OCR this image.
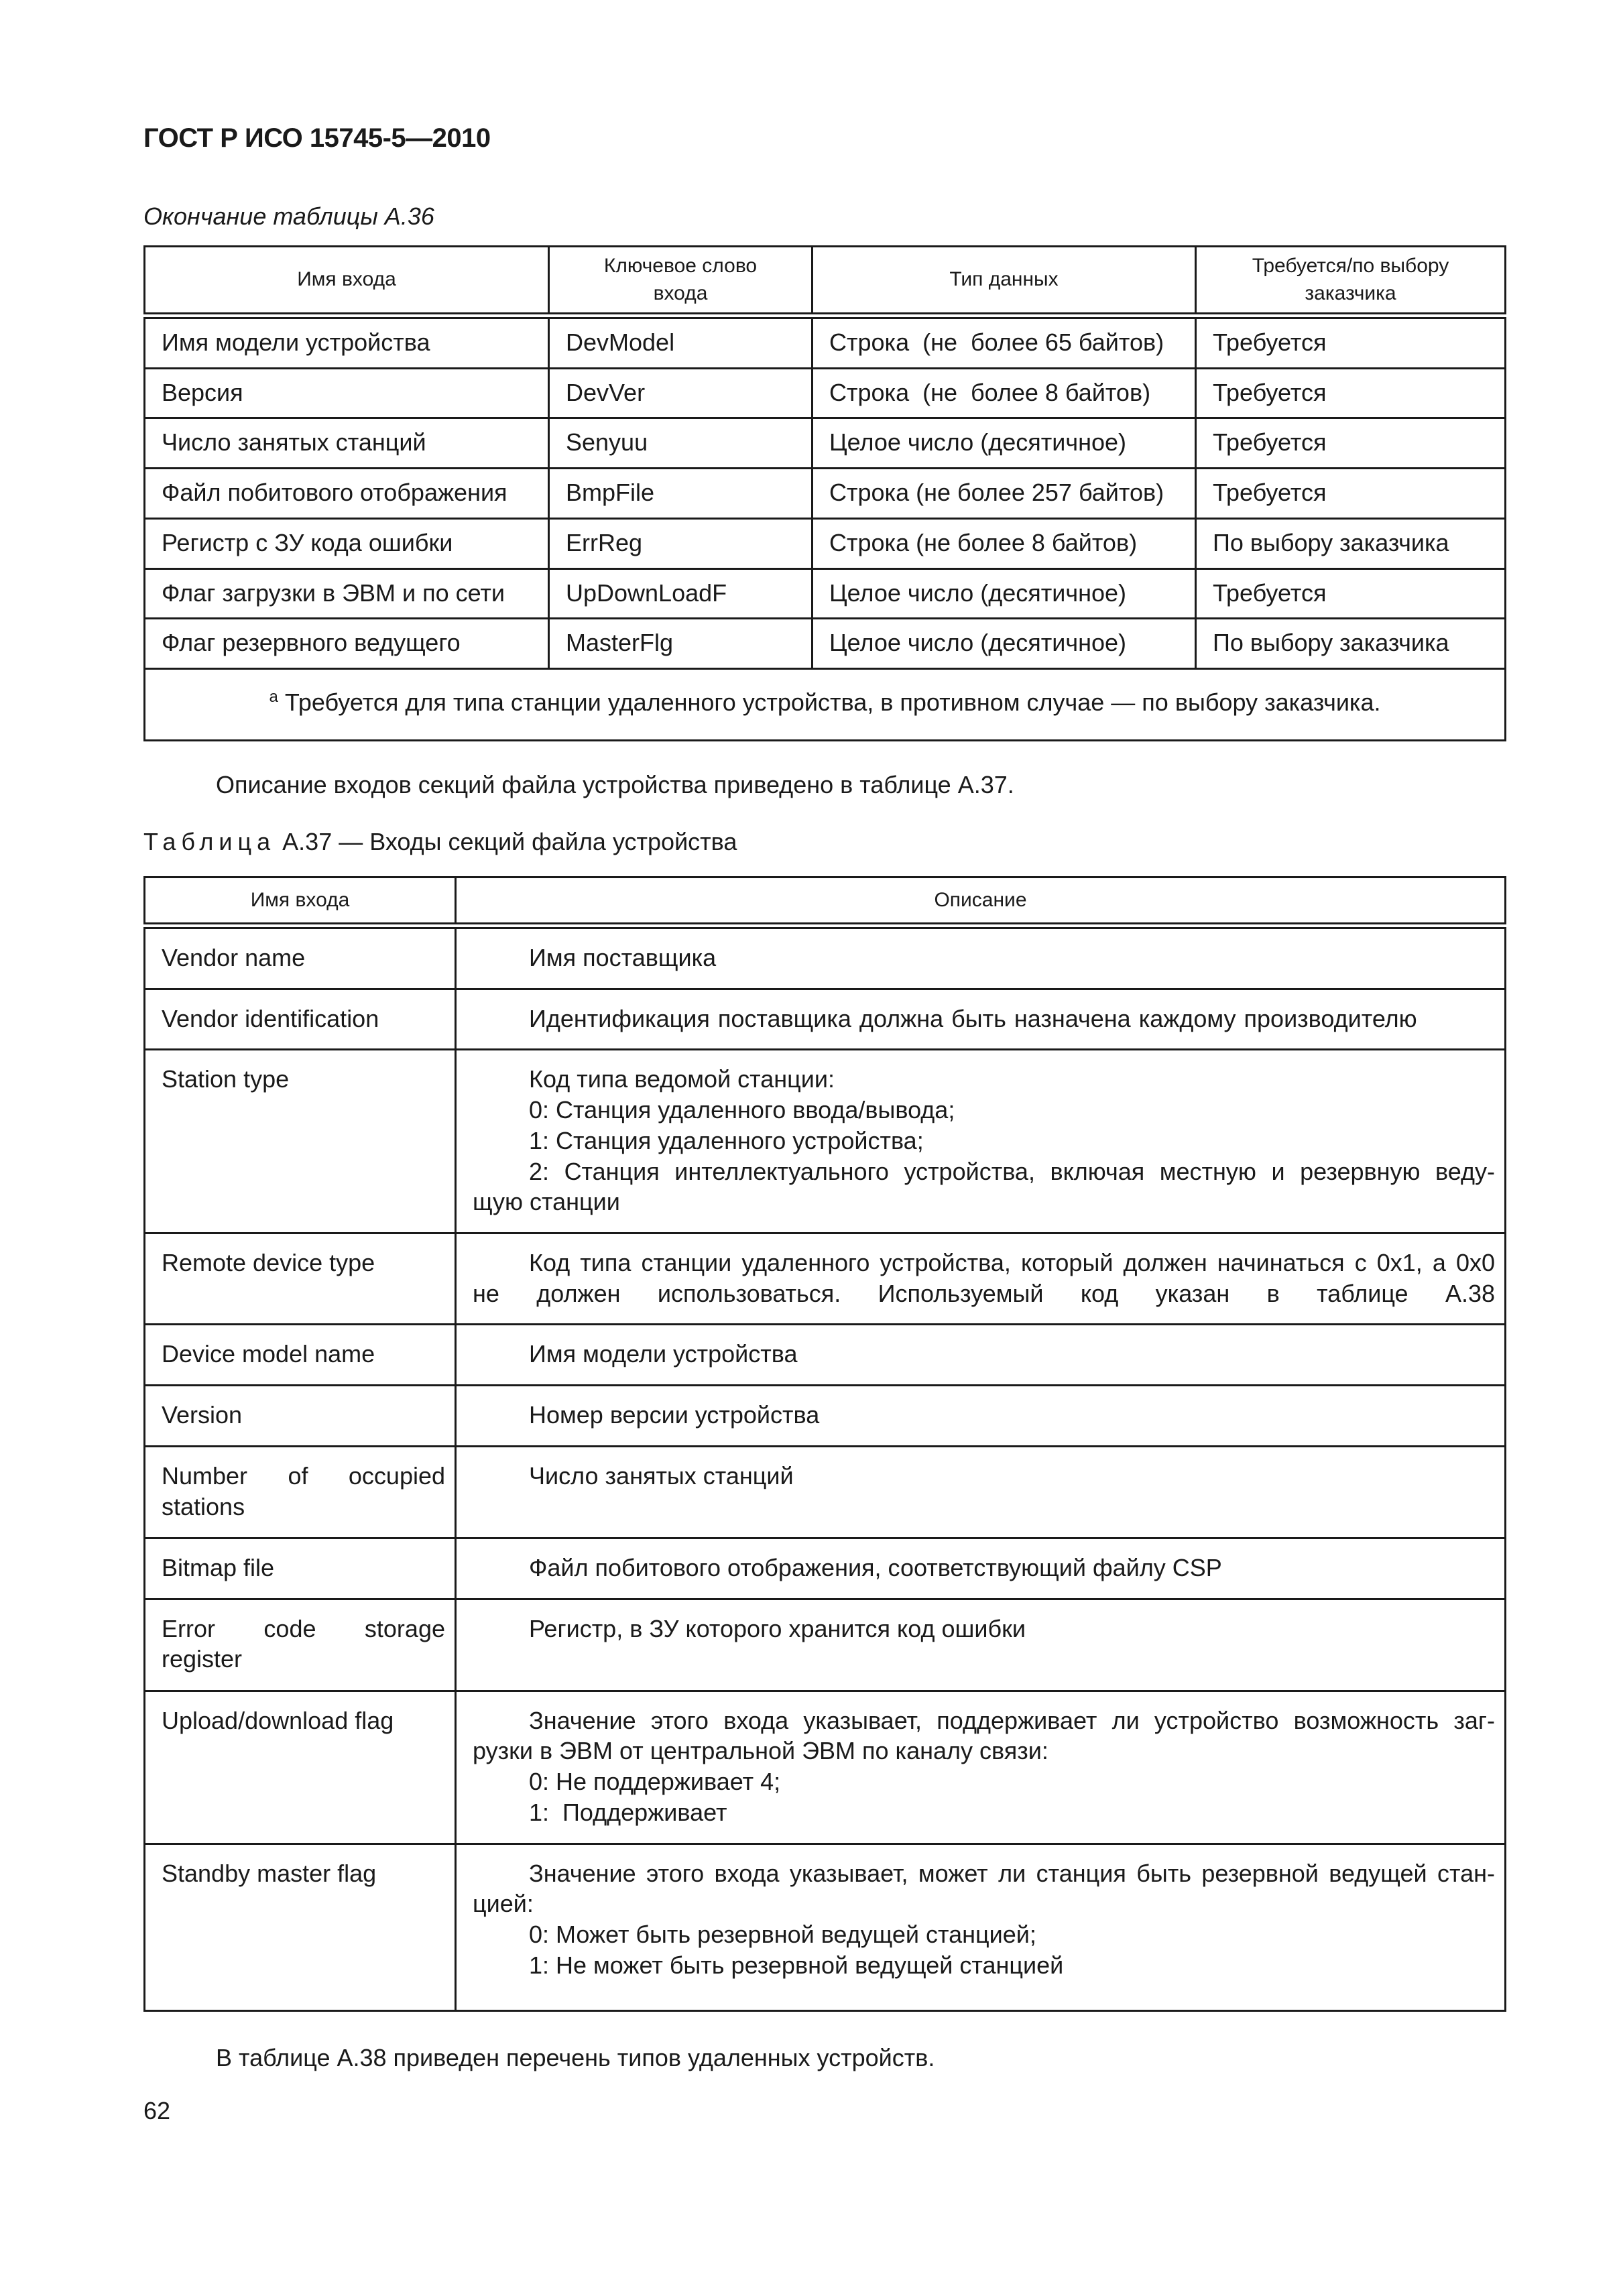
ГОСТ Р ИСО 15745-5—2010
Окончание таблицы А.36
Имя входа	Ключевое слово входа	Тип данных	Требуется/по выбору заказчика
Имя модели устройства	DevModel	Строка  (не  более 65 байтов)	Требуется
Версия	DevVer	Строка  (не  более 8 байтов)	Требуется
Число занятых станций	Senyuu	Целое число (десятичное)	Требуется
Файл побитового отображения	BmpFile	Строка (не более 257 байтов)	Требуется
Регистр с ЗУ кода ошибки	ErrReg	Строка (не более 8 байтов)	По выбору заказчика
Флаг загрузки в ЭВМ и по сети	UpDownLoadF	Целое число (десятичное)	Требуется
Флаг резервного ведущего	MasterFlg	Целое число (десятичное)	По выбору заказчика
$^a$ Требуется для типа станции удаленного устройства, в противном случае — по выбору заказчика.			
Описание входов секций файла устройства приведено в таблице А.37.
Таблица А.37 — Входы секций файла устройства
Имя входа	Описание
Vendor name	Имя поставщика

Vendor identification	Идентификация поставщика должна быть назначена каждому производителю

Station type	Код типа ведомой станции:
0: Станция удаленного ввода/вывода;
1: Станция удаленного устройства;
2: Станция интеллектуального устройства, включая местную и резервную веду-
щую станции

Remote device type	Код типа станции удаленного устройства, который должен начинаться с 0x1, а 0x0
не должен использоваться. Используемый код указан в таблице А.38

Device model name	Имя модели устройства

Version	Номер версии устройства

Number of occupied stations	Число занятых станций

Bitmap file	Файл побитового отображения, соответствующий файлу CSP

Error code storage register	Регистр, в ЗУ которого хранится код ошибки

Upload/download flag	Значение этого входа указывает, поддерживает ли устройство возможность заг-
рузки в ЭВМ от центральной ЭВМ по каналу связи:
0: Не поддерживает 4;
1:  Поддерживает

Standby master flag	Значение этого входа указывает, может ли станция быть резервной ведущей стан-
цией:
0: Может быть резервной ведущей станцией;
1: Не может быть резервной ведущей станцией
В таблице А.38 приведен перечень типов удаленных устройств.
62
